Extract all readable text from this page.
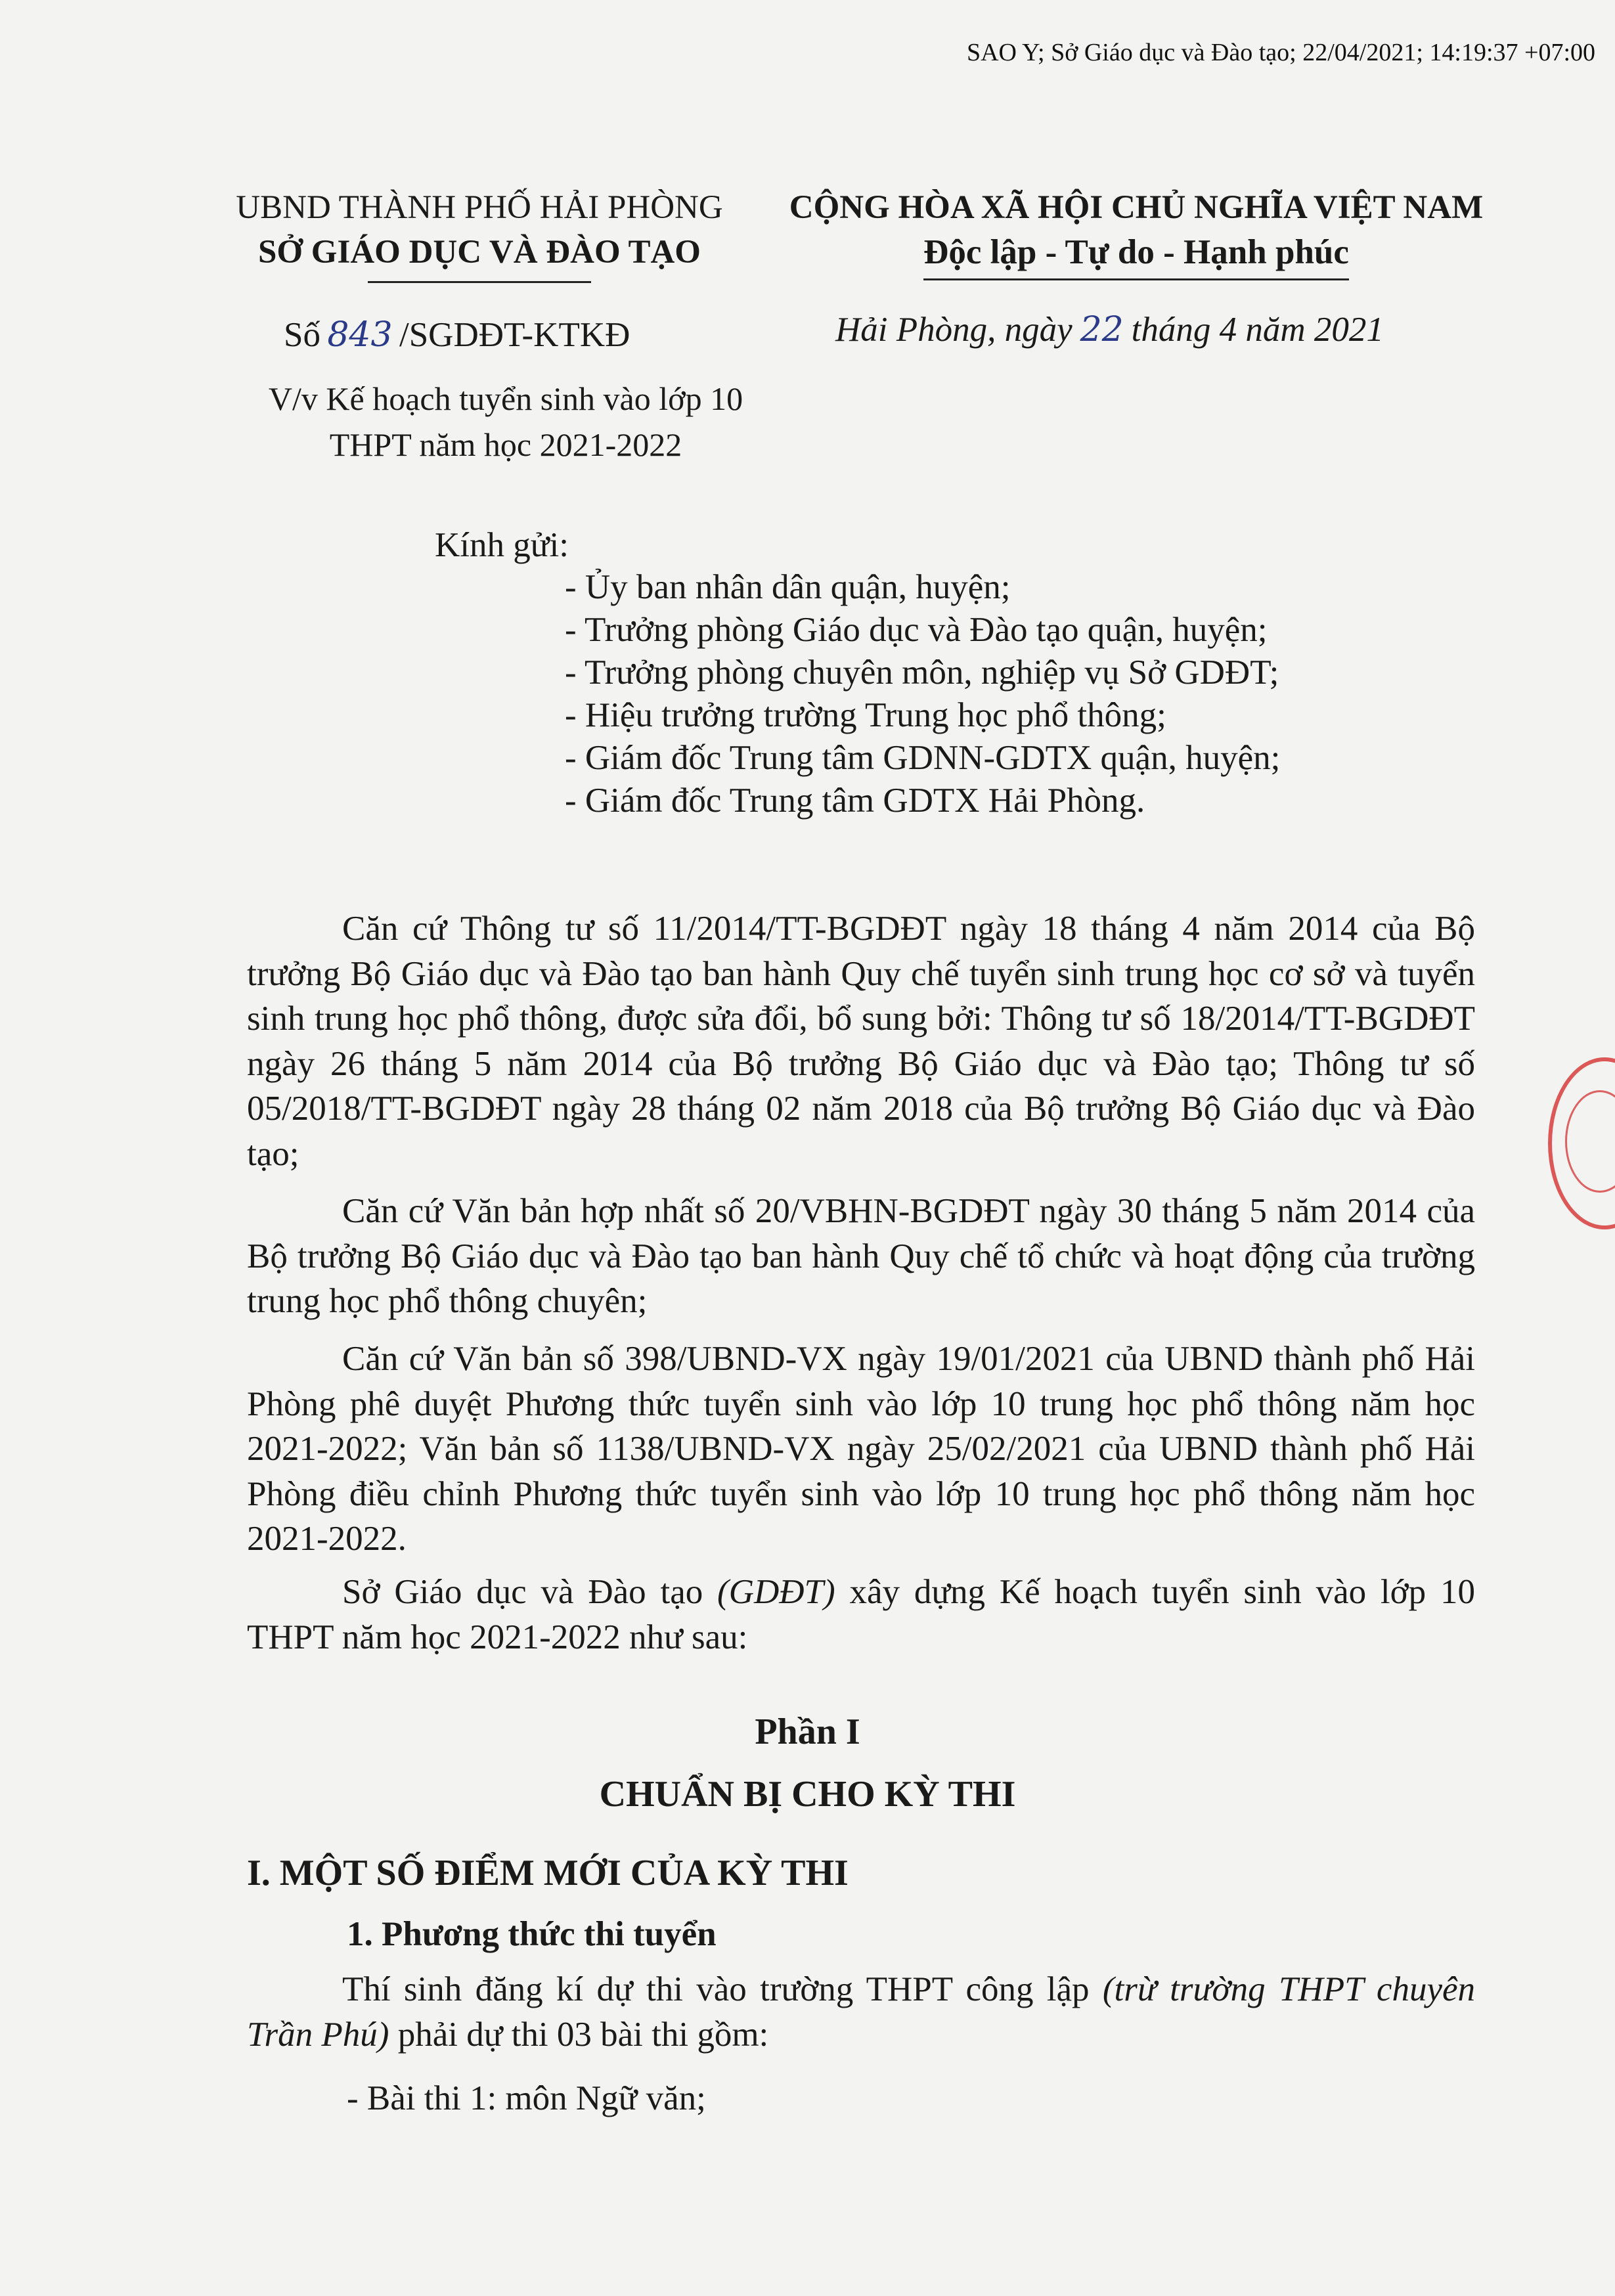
SAO Y; Sở Giáo dục và Đào tạo; 22/04/2021; 14:19:37 +07:00
UBND THÀNH PHỐ HẢI PHÒNG
SỞ GIÁO DỤC VÀ ĐÀO TẠO
CỘNG HÒA XÃ HỘI CHỦ NGHĨA VIỆT NAM
Độc lập - Tự do - Hạnh phúc
Số 843 /SGDĐT-KTKĐ	Hải Phòng, ngày 22 tháng 4 năm 2021
V/v Kế hoạch tuyển sinh vào lớp 10
THPT năm học 2021-2022
Kính gửi:
- Ủy ban nhân dân quận, huyện;
- Trưởng phòng Giáo dục và Đào tạo quận, huyện;
- Trưởng phòng chuyên môn, nghiệp vụ Sở GDĐT;
- Hiệu trưởng trường Trung học phổ thông;
- Giám đốc Trung tâm GDNN-GDTX quận, huyện;
- Giám đốc Trung tâm GDTX Hải Phòng.
Căn cứ Thông tư số 11/2014/TT-BGDĐT ngày 18 tháng 4 năm 2014 của Bộ trưởng Bộ Giáo dục và Đào tạo ban hành Quy chế tuyển sinh trung học cơ sở và tuyển sinh trung học phổ thông, được sửa đổi, bổ sung bởi: Thông tư số 18/2014/TT-BGDĐT ngày 26 tháng 5 năm 2014 của Bộ trưởng Bộ Giáo dục và Đào tạo; Thông tư số 05/2018/TT-BGDĐT ngày 28 tháng 02 năm 2018 của Bộ trưởng Bộ Giáo dục và Đào tạo;
Căn cứ Văn bản hợp nhất số 20/VBHN-BGDĐT ngày 30 tháng 5 năm 2014 của Bộ trưởng Bộ Giáo dục và Đào tạo ban hành Quy chế tổ chức và hoạt động của trường trung học phổ thông chuyên;
Căn cứ Văn bản số 398/UBND-VX ngày 19/01/2021 của UBND thành phố Hải Phòng phê duyệt Phương thức tuyển sinh vào lớp 10 trung học phổ thông năm học 2021-2022; Văn bản số 1138/UBND-VX ngày 25/02/2021 của UBND thành phố Hải Phòng điều chỉnh Phương thức tuyển sinh vào lớp 10 trung học phổ thông năm học 2021-2022.
Sở Giáo dục và Đào tạo (GDĐT) xây dựng Kế hoạch tuyển sinh vào lớp 10 THPT năm học 2021-2022 như sau:
Phần I
CHUẨN BỊ CHO KỲ THI
I. MỘT SỐ ĐIỂM MỚI CỦA KỲ THI
1. Phương thức thi tuyển
Thí sinh đăng kí dự thi vào trường THPT công lập (trừ trường THPT chuyên Trần Phú) phải dự thi 03 bài thi gồm:
- Bài thi 1: môn Ngữ văn;
